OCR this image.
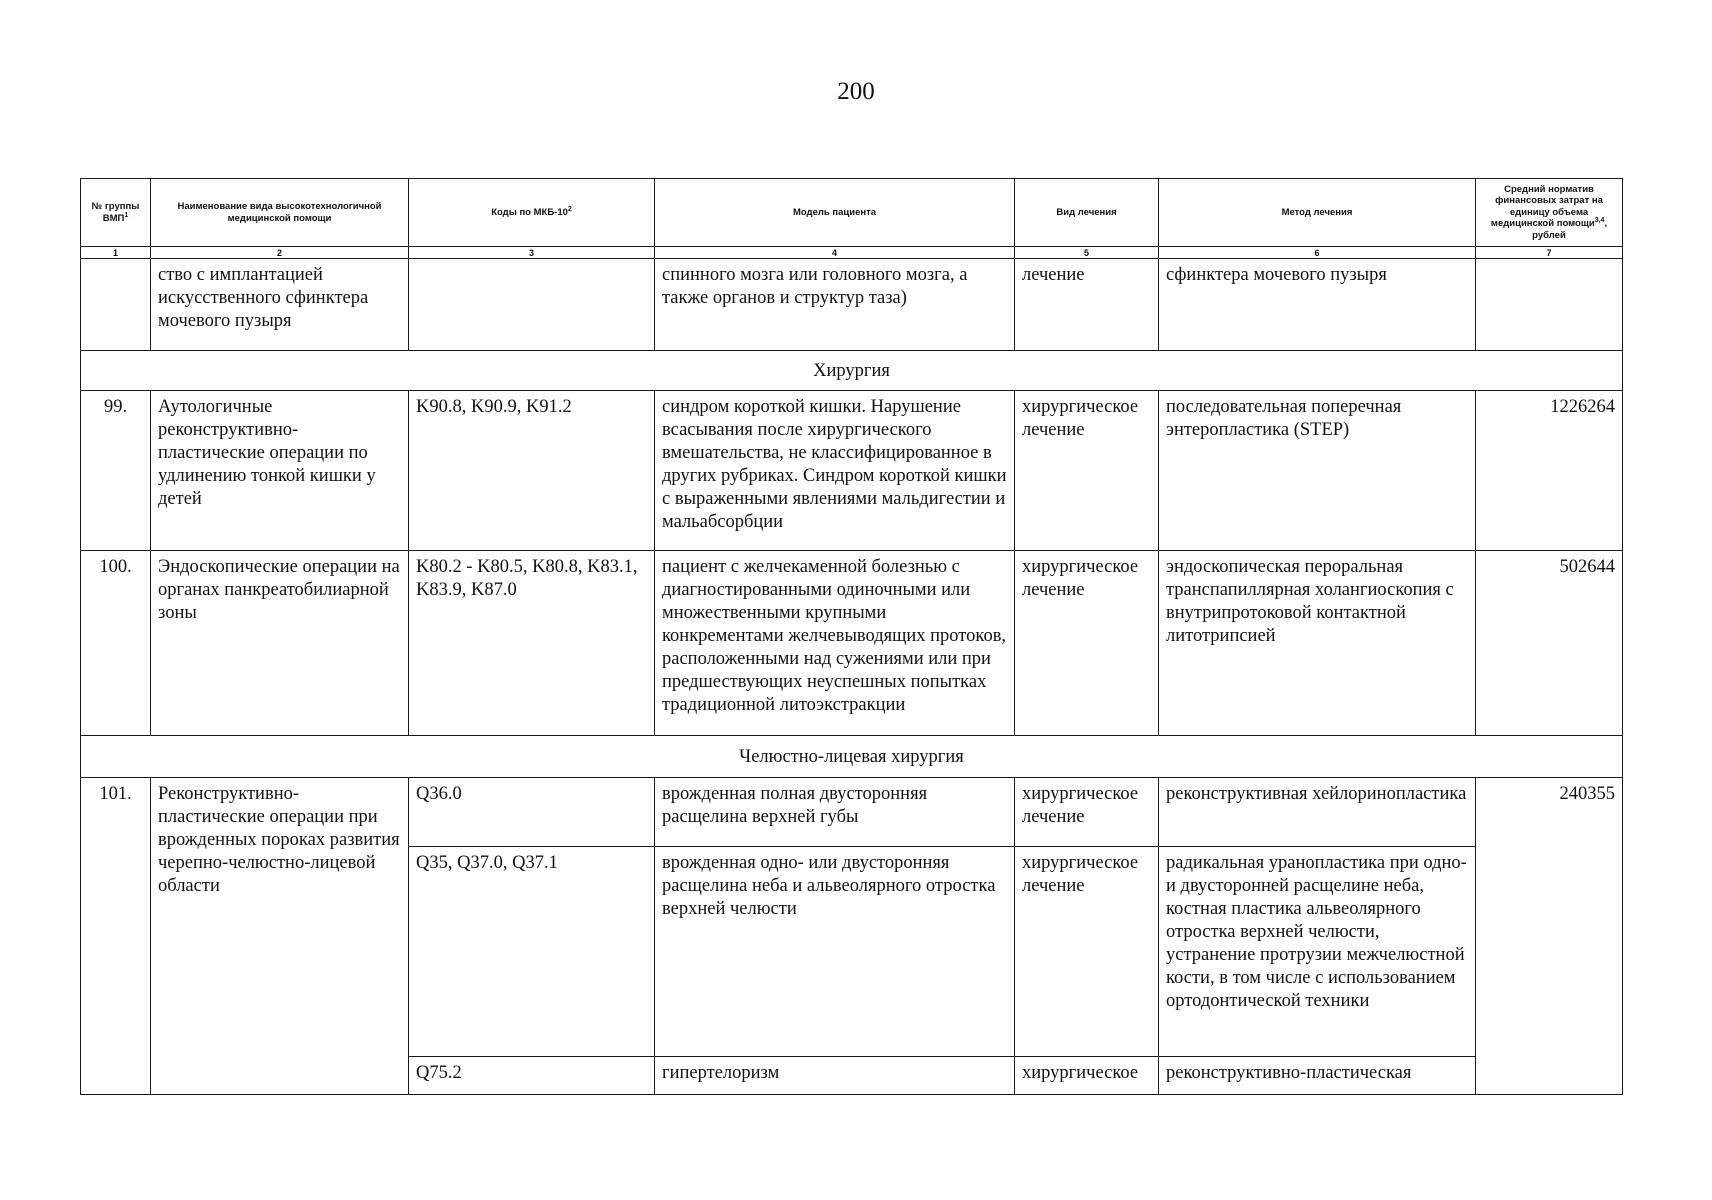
200
№ группы ВМП$^1$	Наименование вида высокотехнологичной медицинской помощи	Коды по МКБ-$10^2$	Модель пациента	Вид лечения	Метод лечения	Средний норматив финансовых затрат на единицу объема медицинской помощи$^{3,4}$, рублей
1	2	3	4	5	6	7
	ство с имплантацией искусственного сфинктера мочевого пузыря		спинного мозга или головного мозга, а также органов и структур таза)	лечение	сфинктера мочевого пузыря	
Хирургия						
99.	Аутологичные реконструктивно-пластические операции по удлинению тонкой кишки у детей	K90.8, K90.9, K91.2	синдром короткой кишки. Нарушение всасывания после хирургического вмешательства, не классифицированное в других рубриках. Синдром короткой кишки с выраженными явлениями мальдигестии и мальабсорбции	хирургическое лечение	последовательная поперечная энтеропластика (STEP)	1226264
100.	Эндоскопические операции на органах панкреатобилиарной зоны	K80.2 - K80.5, K80.8, K83.1, K83.9, K87.0	пациент с желчекаменной болезнью с диагностированными одиночными или множественными крупными конкрементами желчевыводящих протоков, расположенными над сужениями или при предшествующих неуспешных попытках традиционной литоэкстракции	хирургическое лечение	эндоскопическая пероральная транспапиллярная холангиоскопия с внутрипротоковой контактной литотрипсией	502644
Челюстно-лицевая хирургия						
101.	Реконструктивно-пластические операции при врожденных пороках развития черепно-челюстно-лицевой области	Q36.0	врожденная полная двусторонняя расщелина верхней губы	хирургическое лечение	реконструктивная хейлоринопластика	240355
		Q35, Q37.0, Q37.1	врожденная одно- или двусторонняя расщелина неба и альвеолярного отростка верхней челюсти	хирургическое лечение	радикальная уранопластика при одно- и двусторонней расщелине неба, костная пластика альвеолярного отростка верхней челюсти, устранение протрузии межчелюстной кости, в том числе с использованием ортодонтической техники	
		Q75.2	гипертелоризм	хирургическое	реконструктивно-пластическая	
